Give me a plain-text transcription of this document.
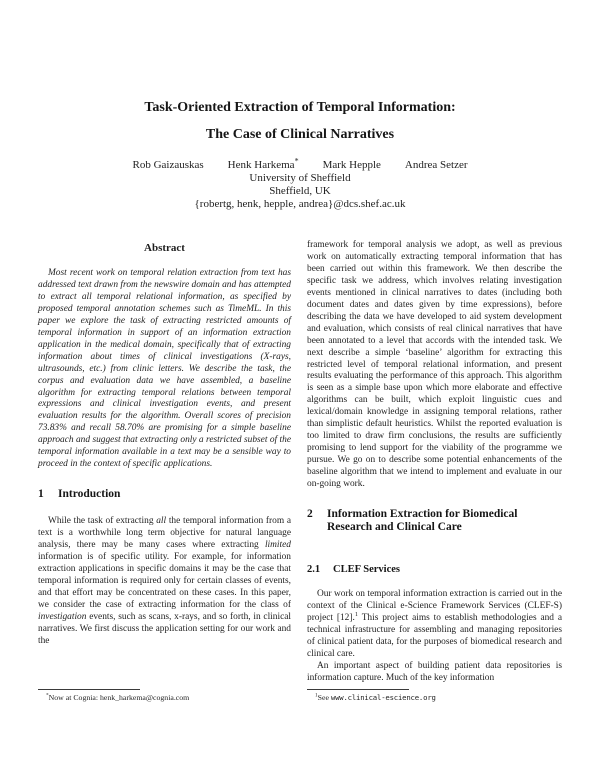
Task-Oriented Extraction of Temporal Information:
The Case of Clinical Narratives
Rob Gaizauskas Henk Harkema* Mark Hepple Andrea Setzer
University of Sheffield
Sheffield, UK
{robertg, henk, hepple, andrea}@dcs.shef.ac.uk
Abstract

Most recent work on temporal relation extraction from text has addressed text drawn from the newswire domain and has attempted to extract all temporal relational information, as specified by proposed temporal annotation schemes such as TimeML. In this paper we explore the task of extracting restricted amounts of temporal information in support of an information extraction application in the medical domain, specifically that of extracting information about times of clinical investigations (X-rays, ultrasounds, etc.) from clinic letters. We describe the task, the corpus and evaluation data we have assembled, a baseline algorithm for extracting temporal relations between temporal expressions and clinical investigation events, and present evaluation results for the algorithm. Overall scores of precision 73.83% and recall 58.70% are promising for a simple baseline approach and suggest that extracting only a restricted subset of the temporal information available in a text may be a sensible way to proceed in the context of specific applications.

1	Introduction

While the task of extracting all the temporal information from a text is a worthwhile long term objective for natural language analysis, there may be many cases where extracting limited information is of specific utility. For example, for information extraction applications in specific domains it may be the case that temporal information is required only for certain classes of events, and that effort may be concentrated on these cases. In this paper, we consider the case of extracting information for the class of investigation events, such as scans, x-rays, and so forth, in clinical narratives. We first discuss the application setting for our work and the

*Now at Cognia: henk_harkema@cognia.com

framework for temporal analysis we adopt, as well as previous work on automatically extracting temporal information that has been carried out within this framework. We then describe the specific task we address, which involves relating investigation events mentioned in clinical narratives to dates (including both document dates and dates given by time expressions), before describing the data we have developed to aid system development and evaluation, which consists of real clinical narratives that have been annotated to a level that accords with the intended task. We next describe a simple ‘baseline’ algorithm for extracting this restricted level of temporal relational information, and present results evaluating the performance of this approach. This algorithm is seen as a simple base upon which more elaborate and effective algorithms can be built, which exploit linguistic cues and lexical/domain knowledge in assigning temporal relations, rather than simplistic default heuristics. Whilst the reported evaluation is too limited to draw firm conclusions, the results are sufficiently promising to lend support for the viability of the programme we pursue. We go on to describe some potential enhancements of the baseline algorithm that we intend to implement and evaluate in our on-going work.

2	Information Extraction for Biomedical Research and Clinical Care
2.1	CLEF Services

Our work on temporal information extraction is carried out in the context of the Clinical e-Science Framework Services (CLEF-S) project [12].$^1$ This project aims to establish methodologies and a technical infrastructure for assembling and managing repositories of clinical patient data, for the purposes of biomedical research and clinical care.

An important aspect of building patient data repositories is information capture. Much of the key information

$^1$See www.clinical-escience.org
